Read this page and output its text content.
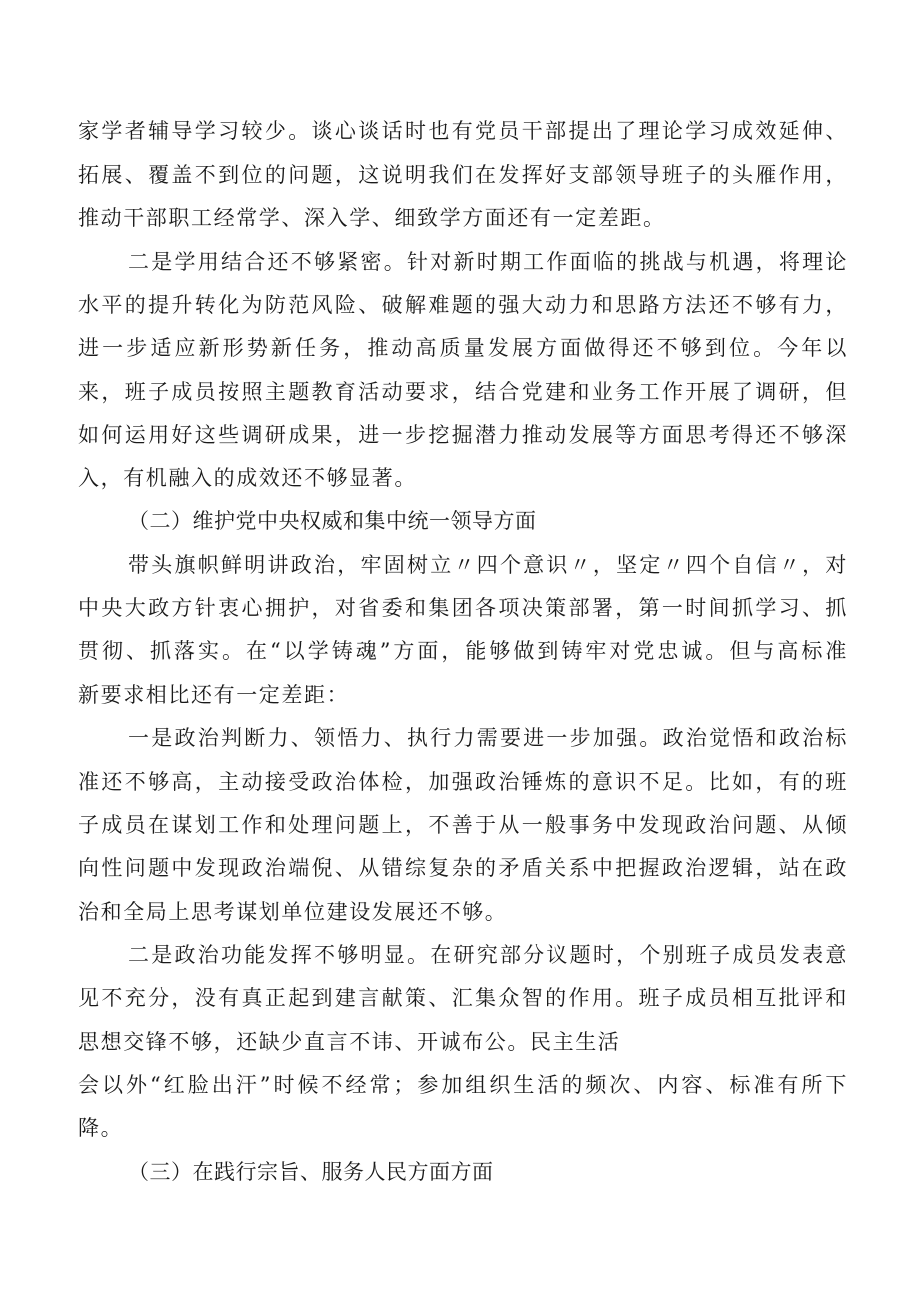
家学者辅导学习较少。谈心谈话时也有党员干部提出了理论学习成效延伸、
拓展、覆盖不到位的问题，这说明我们在发挥好支部领导班子的头雁作用，
推动干部职工经常学、深入学、细致学方面还有一定差距。
二是学用结合还不够紧密。针对新时期工作面临的挑战与机遇，将理论
水平的提升转化为防范风险、破解难题的强大动力和思路方法还不够有力，
进一步适应新形势新任务，推动高质量发展方面做得还不够到位。今年以
来，班子成员按照主题教育活动要求，结合党建和业务工作开展了调研，但
如何运用好这些调研成果，进一步挖掘潜力推动发展等方面思考得还不够深
入，有机融入的成效还不够显著。
（二）维护党中央权威和集中统一领导方面
带头旗帜鲜明讲政治，牢固树立〃四个意识〃，坚定〃四个自信〃，对
中央大政方针衷心拥护，对省委和集团各项决策部署，第一时间抓学习、抓
贯彻、抓落实。在“以学铸魂”方面，能够做到铸牢对党忠诚。但与高标准
新要求相比还有一定差距：
一是政治判断力、领悟力、执行力需要进一步加强。政治觉悟和政治标
准还不够高，主动接受政治体检，加强政治锤炼的意识不足。比如，有的班
子成员在谋划工作和处理问题上，不善于从一般事务中发现政治问题、从倾
向性问题中发现政治端倪、从错综复杂的矛盾关系中把握政治逻辑，站在政
治和全局上思考谋划单位建设发展还不够。
二是政治功能发挥不够明显。在研究部分议题时，个别班子成员发表意
见不充分，没有真正起到建言献策、汇集众智的作用。班子成员相互批评和
思想交锋不够，还缺少直言不讳、开诚布公。民主生活
会以外“红脸出汗”时候不经常；参加组织生活的频次、内容、标准有所下
降。
（三）在践行宗旨、服务人民方面方面
